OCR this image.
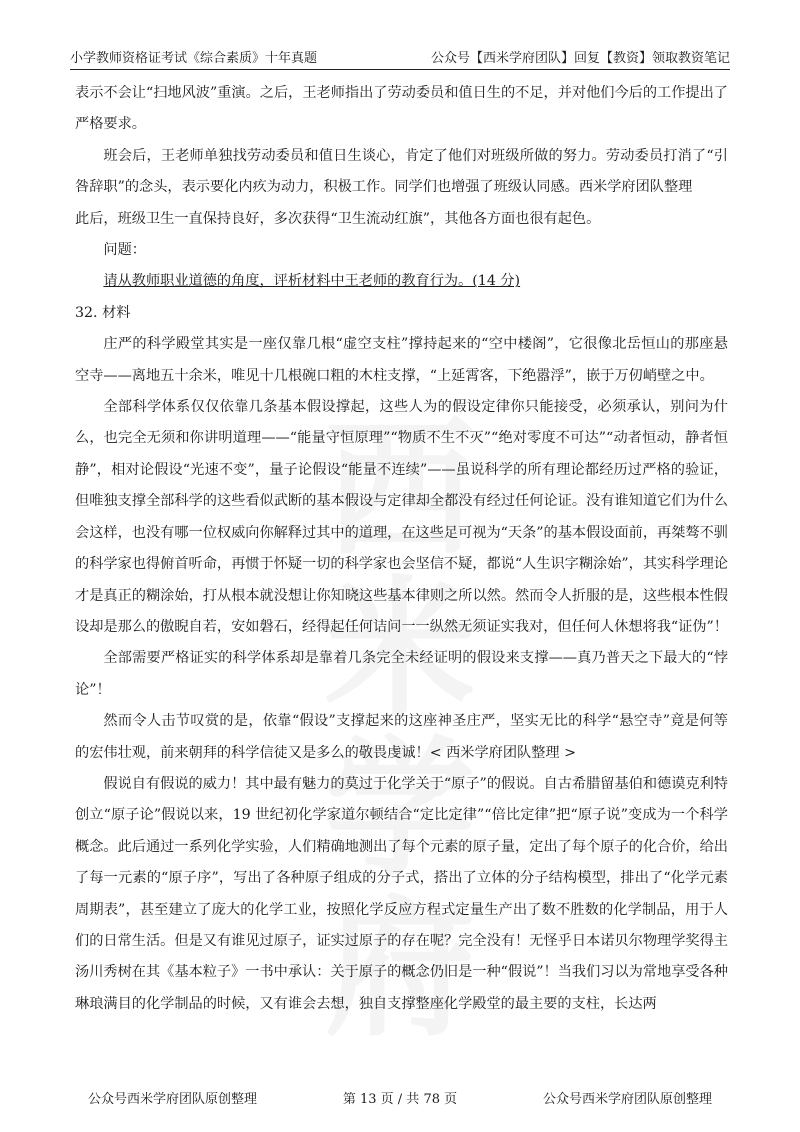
小学教师资格证考试《综合素质》十年真题	公众号【西米学府团队】回复【教资】领取教资笔记

表示不会让“扫地风波”重演。之后，王老师指出了劳动委员和值日生的不足，并对他们今后的工作提出了严格要求。

班会后，王老师单独找劳动委员和值日生谈心，肯定了他们对班级所做的努力。劳动委员打消了“引咎辞职”的念头，表示要化内疚为动力，积极工作。同学们也增强了班级认同感。西米学府团队整理

此后，班级卫生一直保持良好，多次获得“卫生流动红旗”，其他各方面也很有起色。

问题：

请从教师职业道德的角度，评析材料中王老师的教育行为。(14 分)

32. 材料

庄严的科学殿堂其实是一座仅靠几根“虚空支柱”撑持起来的“空中楼阁”，它很像北岳恒山的那座悬空寺——离地五十余米，唯见十几根碗口粗的木柱支撑，“上延霄客，下绝嚣浮”，嵌于万仞峭壁之中。

全部科学体系仅仅依靠几条基本假设撑起，这些人为的假设定律你只能接受，必须承认，别问为什么，也完全无须和你讲明道理——“能量守恒原理”“物质不生不灭”“绝对零度不可达”“动者恒动，静者恒静”，相对论假设“光速不变”，量子论假设“能量不连续”——虽说科学的所有理论都经历过严格的验证，但唯独支撑全部科学的这些看似武断的基本假设与定律却全都没有经过任何论证。没有谁知道它们为什么会这样，也没有哪一位权威向你解释过其中的道理，在这些足可视为“天条”的基本假设面前，再桀骜不驯的科学家也得俯首听命，再惯于怀疑一切的科学家也会坚信不疑，都说“人生识字糊涂始”，其实科学理论才是真正的糊涂始，打从根本就没想让你知晓这些基本律则之所以然。然而令人折服的是，这些根本性假设却是那么的傲睨自若，安如磐石，经得起任何诘问一一纵然无须证实我对，但任何人休想将我“证伪”！

全部需要严格证实的科学体系却是靠着几条完全未经证明的假设来支撑——真乃普天之下最大的“悖论”！

然而令人击节叹赏的是，依靠“假设”支撑起来的这座神圣庄严，坚实无比的科学“悬空寺”竟是何等的宏伟壮观，前来朝拜的科学信徒又是多么的敬畏虔诚！< 西米学府团队整理 >

假说自有假说的威力！其中最有魅力的莫过于化学关于“原子”的假说。自古希腊留基伯和德谟克利特创立“原子论”假说以来，19 世纪初化学家道尔顿结合“定比定律”“倍比定律”把“原子说”变成为一个科学概念。此后通过一系列化学实验，人们精确地测出了每个元素的原子量，定出了每个原子的化合价，给出了每一元素的“原子序”，写出了各种原子组成的分子式，搭出了立体的分子结构模型，排出了“化学元素周期表”，甚至建立了庞大的化学工业，按照化学反应方程式定量生产出了数不胜数的化学制品，用于人们的日常生活。但是又有谁见过原子，证实过原子的存在呢？完全没有！无怪乎日本诺贝尔物理学奖得主汤川秀树在其《基本粒子》一书中承认：关于原子的概念仍旧是一种“假说”！当我们习以为常地享受各种琳琅满目的化学制品的时候，又有谁会去想，独自支撑整座化学殿堂的最主要的支柱，长达两

公众号西米学府团队原创整理	第 13 页 / 共 78 页	公众号西米学府团队原创整理
